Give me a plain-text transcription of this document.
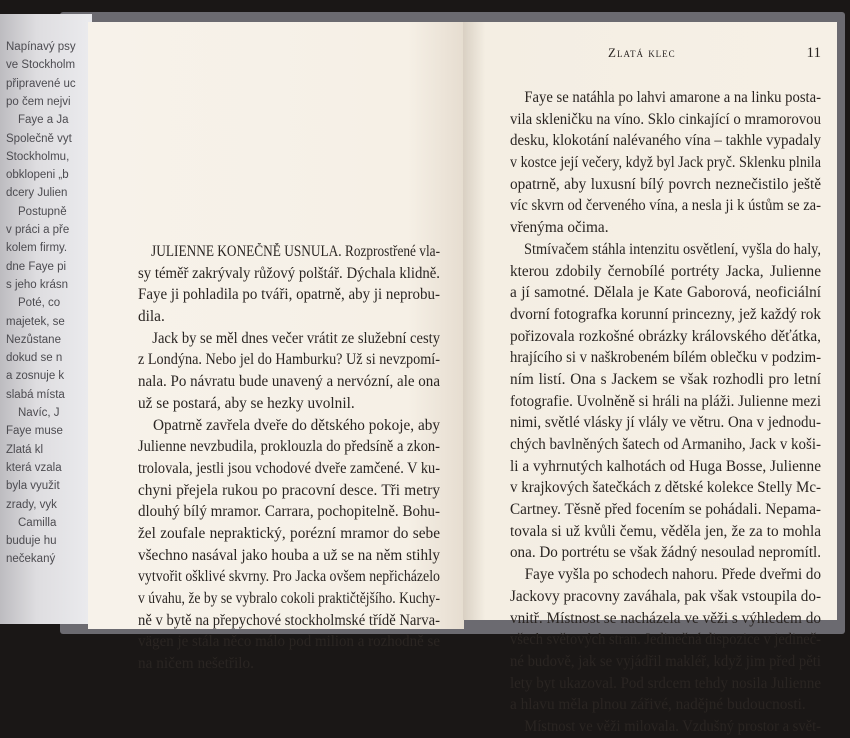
Napínavý psy
ve Stockholm
připravené uc
po čem nejvi
Faye a Ja
Společně vyt
Stockholmu,
obklopeni „b
dcery Julien
Postupně
v práci a pře
kolem firmy.
dne Faye pi
s jeho krásn
Poté, co
majetek, se
Nezůstane
dokud se n
a zosnuje k
slabá místa
Navíc, J
Faye muse
Zlatá kl
která vzala
byla využit
zrady, vyk
Camilla
buduje hu
nečekaný
JULIENNE KONEČNĚ USNULA. Rozprostřené vla-
sy téměř zakrývaly růžový polštář. Dýchala klidně.
Faye ji pohladila po tváři, opatrně, aby ji neprobu-
dila.
Jack by se měl dnes večer vrátit ze služební cesty
z Londýna. Nebo jel do Hamburku? Už si nevzpomí-
nala. Po návratu bude unavený a nervózní, ale ona
už se postará, aby se hezky uvolnil.
Opatrně zavřela dveře do dětského pokoje, aby
Julienne nevzbudila, proklouzla do předsíně a zkon-
trolovala, jestli jsou vchodové dveře zamčené. V ku-
chyni přejela rukou po pracovní desce. Tři metry
dlouhý bílý mramor. Carrara, pochopitelně. Bohu-
žel zoufale nepraktický, porézní mramor do sebe
všechno nasával jako houba a už se na něm stihly
vytvořit ošklivé skvrny. Pro Jacka ovšem nepřicházelo
v úvahu, že by se vybralo cokoli praktičtějšího. Kuchy-
ně v bytě na přepychové stockholmské třídě Narva-
vägen je stála něco málo pod milion a rozhodně se
na ničem nešetřilo.
Zlatá klec	11
Faye se natáhla po lahvi amarone a na linku posta-
vila skleničku na víno. Sklo cinkající o mramorovou
desku, klokotání nalévaného vína – takhle vypadaly
v kostce její večery, když byl Jack pryč. Sklenku plnila
opatrně, aby luxusní bílý povrch neznečistilo ještě
víc skvrn od červeného vína, a nesla ji k ústům se za-
vřenýma očima.
Stmívačem stáhla intenzitu osvětlení, vyšla do haly,
kterou zdobily černobílé portréty Jacka, Julienne
a jí samotné. Dělala je Kate Gaborová, neoficiální
dvorní fotografka korunní princezny, jež každý rok
pořizovala rozkošné obrázky královského děťátka,
hrajícího si v naškrobeném bílém oblečku v podzim-
ním listí. Ona s Jackem se však rozhodli pro letní
fotografie. Uvolněně si hráli na pláži. Julienne mezi
nimi, světlé vlásky jí vlály ve větru. Ona v jednodu-
chých bavlněných šatech od Armaniho, Jack v koši-
li a vyhrnutých kalhotách od Huga Bosse, Julienne
v krajkových šatečkách z dětské kolekce Stelly Mc-
Cartney. Těsně před focením se pohádali. Nepama-
tovala si už kvůli čemu, věděla jen, že za to mohla
ona. Do portrétu se však žádný nesoulad nepromítl.
Faye vyšla po schodech nahoru. Přede dveřmi do
Jackovy pracovny zaváhala, pak však vstoupila do-
vnitř. Místnost se nacházela ve věži s výhledem do
všech světových stran. Jedinečná dispozice v jedineč-
né budově, jak se vyjádřil makléř, když jim před pěti
lety byt ukazoval. Pod srdcem tehdy nosila Julienne
a hlavu měla plnou zářivé, nadějné budoucnosti.
Místnost ve věži milovala. Vzdušný prostor a svět-
